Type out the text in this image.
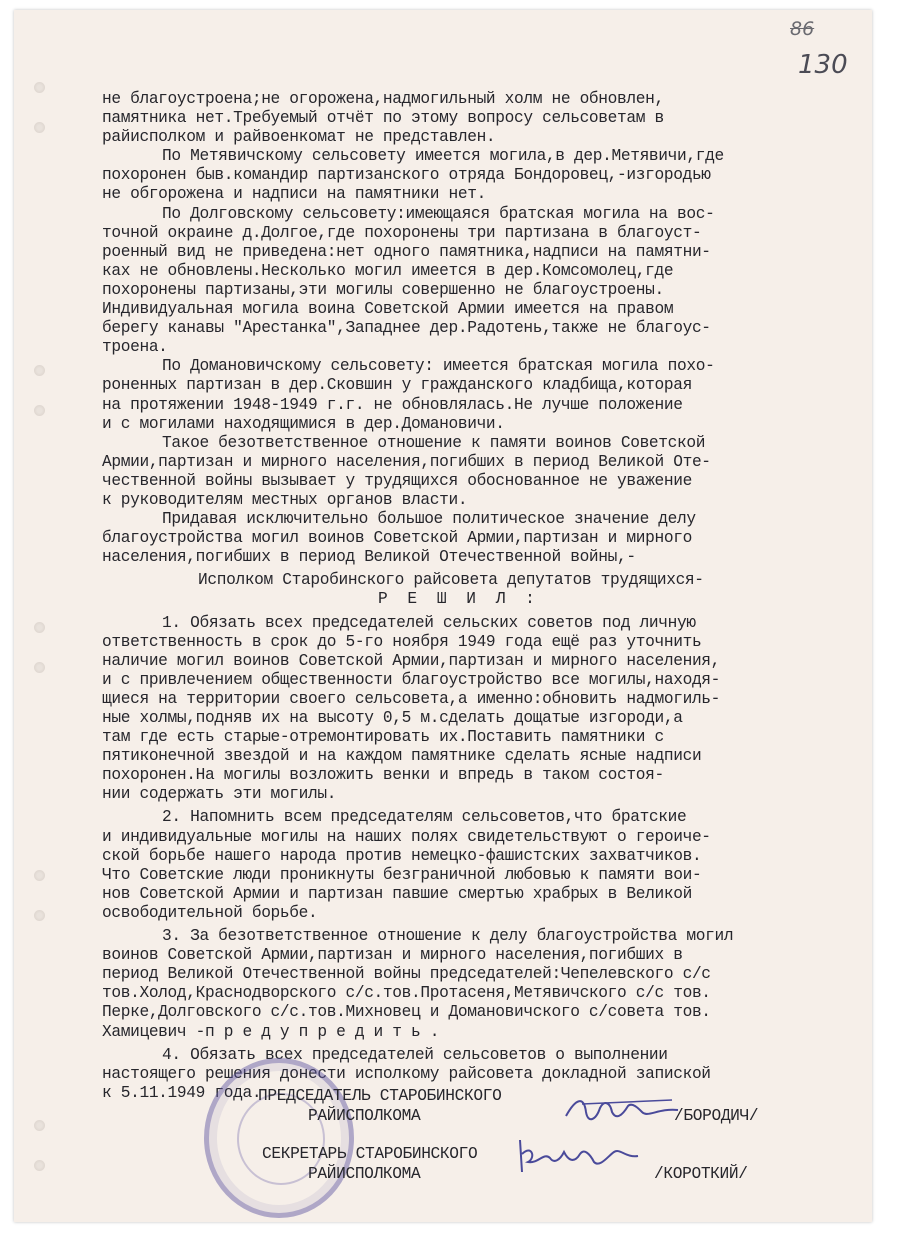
86
130
не благоустроена;не огорожена,надмогильный холм не обновлен,
памятника нет.Требуемый отчёт по этому вопросу сельсоветам в
райисполком и райвоенкомат не представлен.
По Метявичскому сельсовету имеется могила,в дер.Метявичи,где
похоронен быв.командир партизанского отряда Бондоровец,-изгородью
не обгорожена и надписи на памятники нет.
По Долговскому сельсовету:имеющаяся братская могила на вос-
точной окраине д.Долгое,где похоронены три партизана в благоуст-
роенный вид не приведена:нет одного памятника,надписи на памятни-
ках не обновлены.Несколько могил имеется в дер.Комсомолец,где
похоронены партизаны,эти могилы совершенно не благоустроены.
Индивидуальная могила воина Советской Армии имеется на правом
берегу канавы "Арестанка",Западнее дер.Радотень,также не благоус-
троена.
По Домановичскому сельсовету: имеется братская могила похо-
роненных партизан в дер.Сковшин у гражданского кладбища,которая
на протяжении 1948-1949 г.г. не обновлялась.Не лучше положение
и с могилами находящимися в дер.Домановичи.
Такое безответственное отношение к памяти воинов Советской
Армии,партизан и мирного населения,погибших в период Великой Оте-
чественной войны вызывает у трудящихся обоснованное не уважение
к руководителям местных органов власти.
Придавая исключительно большое политическое значение делу
благоустройства могил воинов Советской Армии,партизан и мирного
населения,погибших в период Великой Отечественной войны,-
Исполком Старобинского райсовета депутатов трудящихся-
Р Е Ш И Л :
1. Обязать всех председателей сельских советов под личную
ответственность в срок до 5-го ноября 1949 года ещё раз уточнить
наличие могил воинов Советской Армии,партизан и мирного населения,
и с привлечением общественности благоустройство все могилы,находя-
щиеся на территории своего сельсовета,а именно:обновить надмогиль-
ные холмы,подняв их на высоту 0,5 м.сделать дощатые изгороди,а
там где есть старые-отремонтировать их.Поставить памятники с
пятиконечной звездой и на каждом памятнике сделать ясные надписи
похоронен.На могилы возложить венки и впредь в таком состоя-
нии содержать эти могилы.
2. Напомнить всем председателям сельсоветов,что братские
и индивидуальные могилы на наших полях свидетельствуют о героиче-
ской борьбе нашего народа против немецко-фашистских захватчиков.
Что Советские люди проникнуты безграничной любовью к памяти вои-
нов Советской Армии и партизан павшие смертью храбрых в Великой
освободительной борьбе.
3. За безответственное отношение к делу благоустройства могил
воинов Советской Армии,партизан и мирного населения,погибших в
период Великой Отечественной войны председателей:Чепелевского с/с
тов.Холод,Краснодворского с/с.тов.Протасеня,Метявичского с/с тов.
Перке,Долговского с/с.тов.Михновец и Домановичского с/совета тов.
Хамицевич -п р е д у п р е д и т ь .
4. Обязать всех председателей сельсоветов о выполнении
настоящего решения донести исполкому райсовета докладной запиской
к 5.11.1949 года.
ПРЕДСЕДАТЕЛЬ СТАРОБИНСКОГО
РАЙИСПОЛКОМА	/БОРОДИЧ/
СЕКРЕТАРЬ СТАРОБИНСКОГО
РАЙИСПОЛКОМА	/КОРОТКИЙ/
